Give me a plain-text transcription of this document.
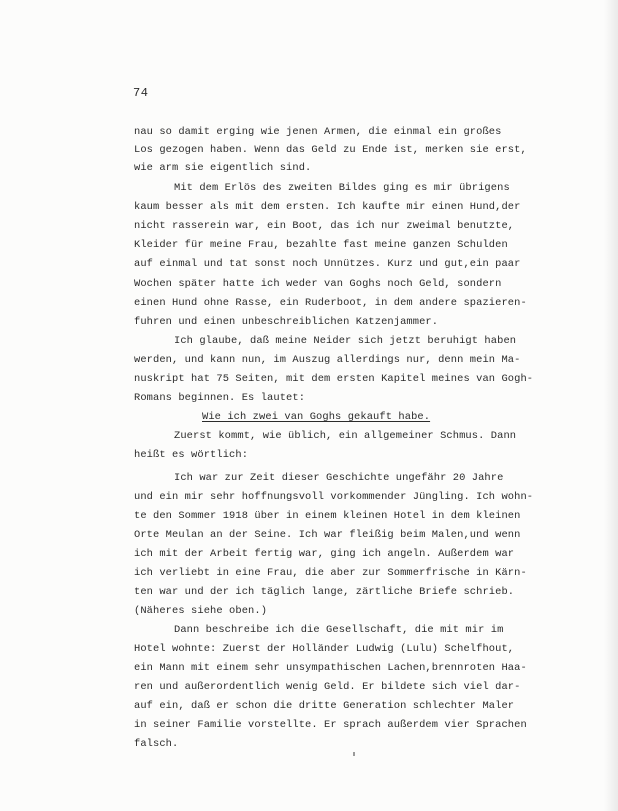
74
nau so damit erging wie jenen Armen, die einmal ein großes
Los gezogen haben. Wenn das Geld zu Ende ist, merken sie erst,
wie arm sie eigentlich sind.
Mit dem Erlös des zweiten Bildes ging es mir übrigens
kaum besser als mit dem ersten. Ich kaufte mir einen Hund,der
nicht rasserein war, ein Boot, das ich nur zweimal benutzte,
Kleider für meine Frau, bezahlte fast meine ganzen Schulden
auf einmal und tat sonst noch Unnützes. Kurz und gut,ein paar
Wochen später hatte ich weder van Goghs noch Geld, sondern
einen Hund ohne Rasse, ein Ruderboot, in dem andere spazieren-
fuhren und einen unbeschreiblichen Katzenjammer.
Ich glaube, daß meine Neider sich jetzt beruhigt haben
werden, und kann nun, im Auszug allerdings nur, denn mein Ma-
nuskript hat 75 Seiten, mit dem ersten Kapitel meines van Gogh-
Romans beginnen. Es lautet:
Wie ich zwei van Goghs gekauft habe.
Zuerst kommt, wie üblich, ein allgemeiner Schmus. Dann
heißt es wörtlich:
Ich war zur Zeit dieser Geschichte ungefähr 20 Jahre
und ein mir sehr hoffnungsvoll vorkommender Jüngling. Ich wohn-
te den Sommer 1918 über in einem kleinen Hotel in dem kleinen
Orte Meulan an der Seine. Ich war fleißig beim Malen,und wenn
ich mit der Arbeit fertig war, ging ich angeln. Außerdem war
ich verliebt in eine Frau, die aber zur Sommerfrische in Kärn-
ten war und der ich täglich lange, zärtliche Briefe schrieb.
(Näheres siehe oben.)
Dann beschreibe ich die Gesellschaft, die mit mir im
Hotel wohnte: Zuerst der Holländer Ludwig (Lulu) Schelfhout,
ein Mann mit einem sehr unsympathischen Lachen,brennroten Haa-
ren und außerordentlich wenig Geld. Er bildete sich viel dar-
auf ein, daß er schon die dritte Generation schlechter Maler
in seiner Familie vorstellte. Er sprach außerdem vier Sprachen
falsch.
